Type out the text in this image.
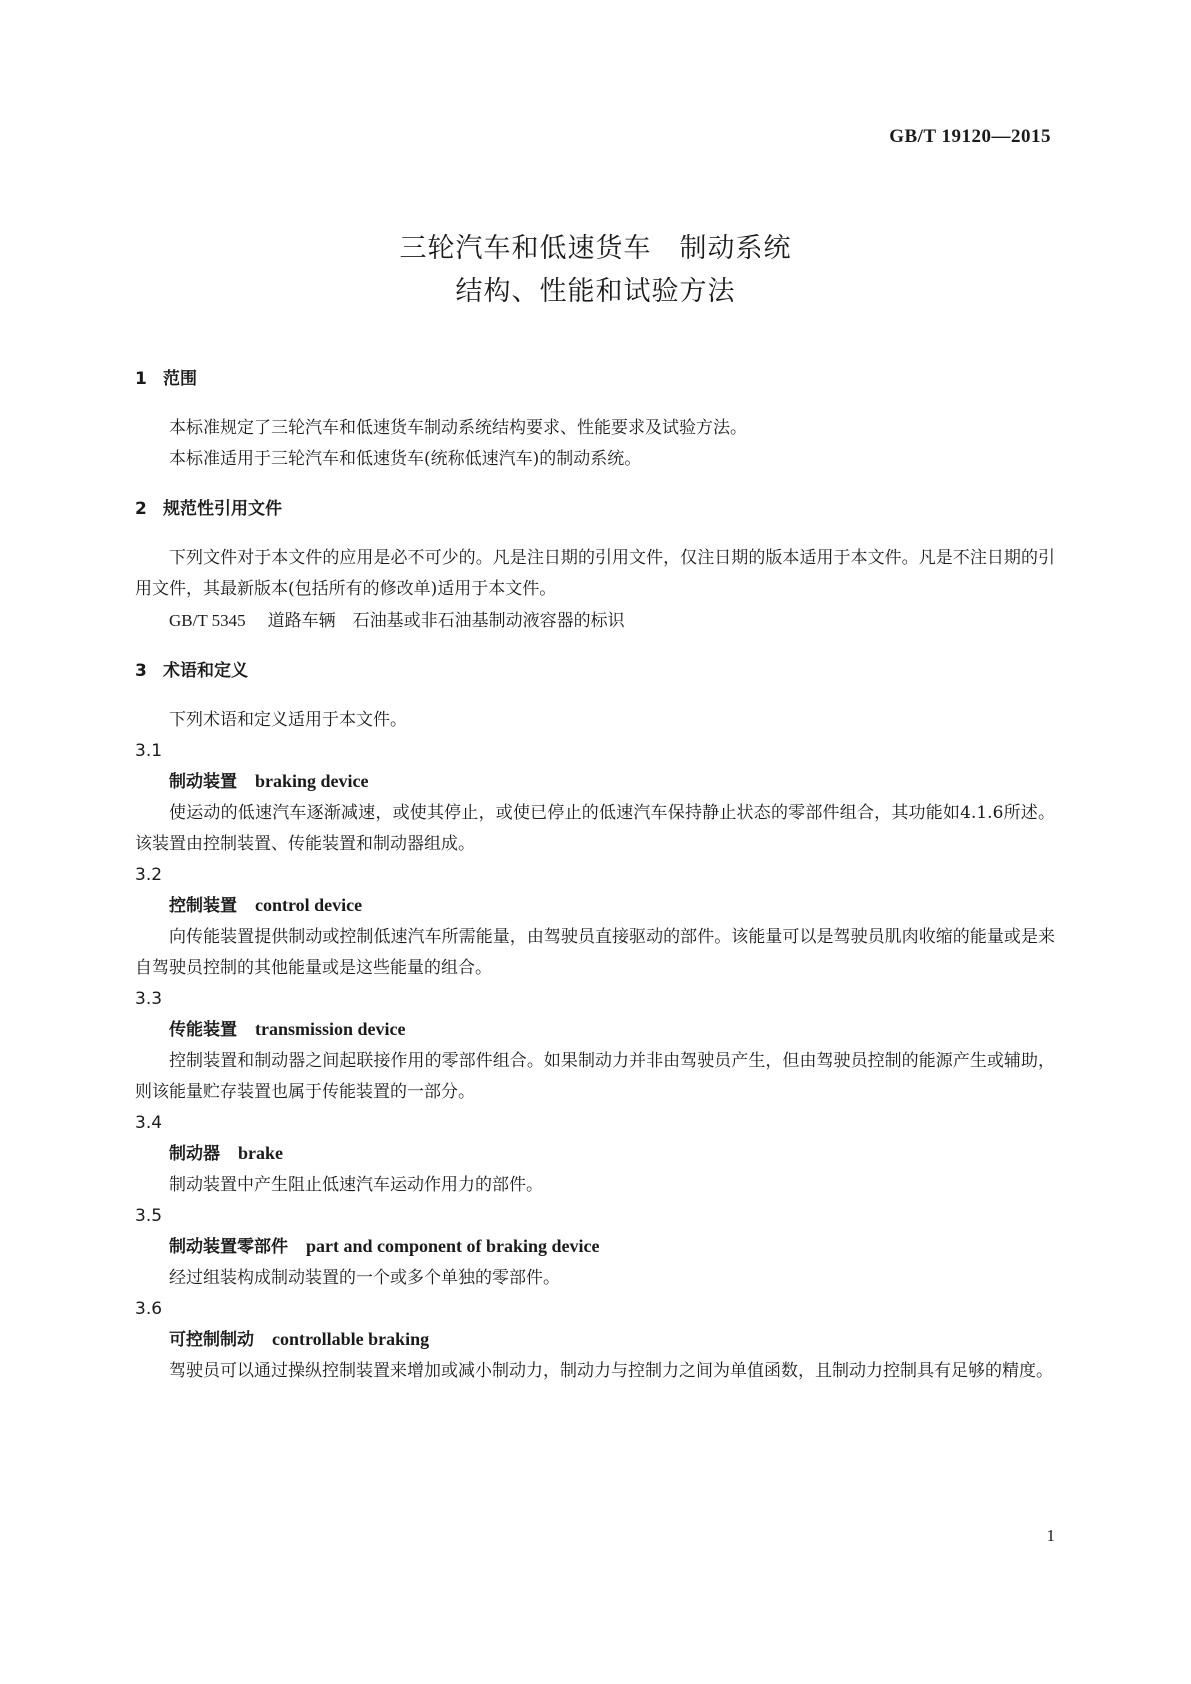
GB/T 19120—2015
三轮汽车和低速货车　制动系统
结构、性能和试验方法
1 范围
本标准规定了三轮汽车和低速货车制动系统结构要求、性能要求及试验方法。
本标准适用于三轮汽车和低速货车(统称低速汽车)的制动系统。
2 规范性引用文件
下列文件对于本文件的应用是必不可少的。凡是注日期的引用文件，仅注日期的版本适用于本文件。凡是不注日期的引用文件，其最新版本(包括所有的修改单)适用于本文件。
GB/T 5345 道路车辆　石油基或非石油基制动液容器的标识
3 术语和定义
下列术语和定义适用于本文件。
3.1
制动装置 braking device
使运动的低速汽车逐渐减速，或使其停止，或使已停止的低速汽车保持静止状态的零部件组合，其功能如4.1.6所述。该装置由控制装置、传能装置和制动器组成。
3.2
控制装置 control device
向传能装置提供制动或控制低速汽车所需能量，由驾驶员直接驱动的部件。该能量可以是驾驶员肌肉收缩的能量或是来自驾驶员控制的其他能量或是这些能量的组合。
3.3
传能装置 transmission device
控制装置和制动器之间起联接作用的零部件组合。如果制动力并非由驾驶员产生，但由驾驶员控制的能源产生或辅助，则该能量贮存装置也属于传能装置的一部分。
3.4
制动器 brake
制动装置中产生阻止低速汽车运动作用力的部件。
3.5
制动装置零部件 part and component of braking device
经过组装构成制动装置的一个或多个单独的零部件。
3.6
可控制制动 controllable braking
驾驶员可以通过操纵控制装置来增加或减小制动力，制动力与控制力之间为单值函数，且制动力控制具有足够的精度。
1
